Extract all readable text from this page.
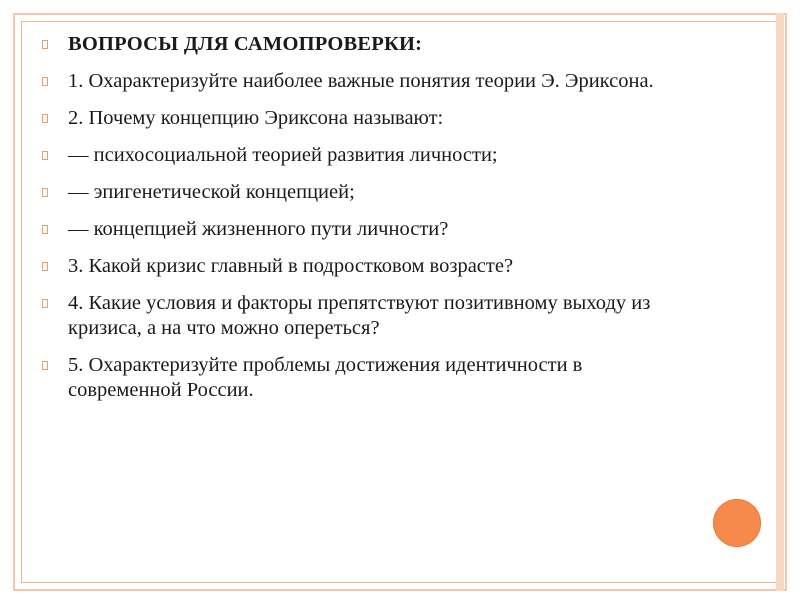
ВОПРОСЫ ДЛЯ САМОПРОВЕРКИ:
1. Охарактеризуйте наиболее важные понятия теории Э. Эриксона.
2. Почему концепцию Эриксона называют:
— психосоциальной теорией развития личности;
— эпигенетической концепцией;
— концепцией жизненного пути личности?
3. Какой кризис главный в подростковом возрасте?
4. Какие условия и факторы препятствуют позитивному выходу из кризиса, а на что можно опереться?
5. Охарактеризуйте проблемы достижения идентичности в современной России.
